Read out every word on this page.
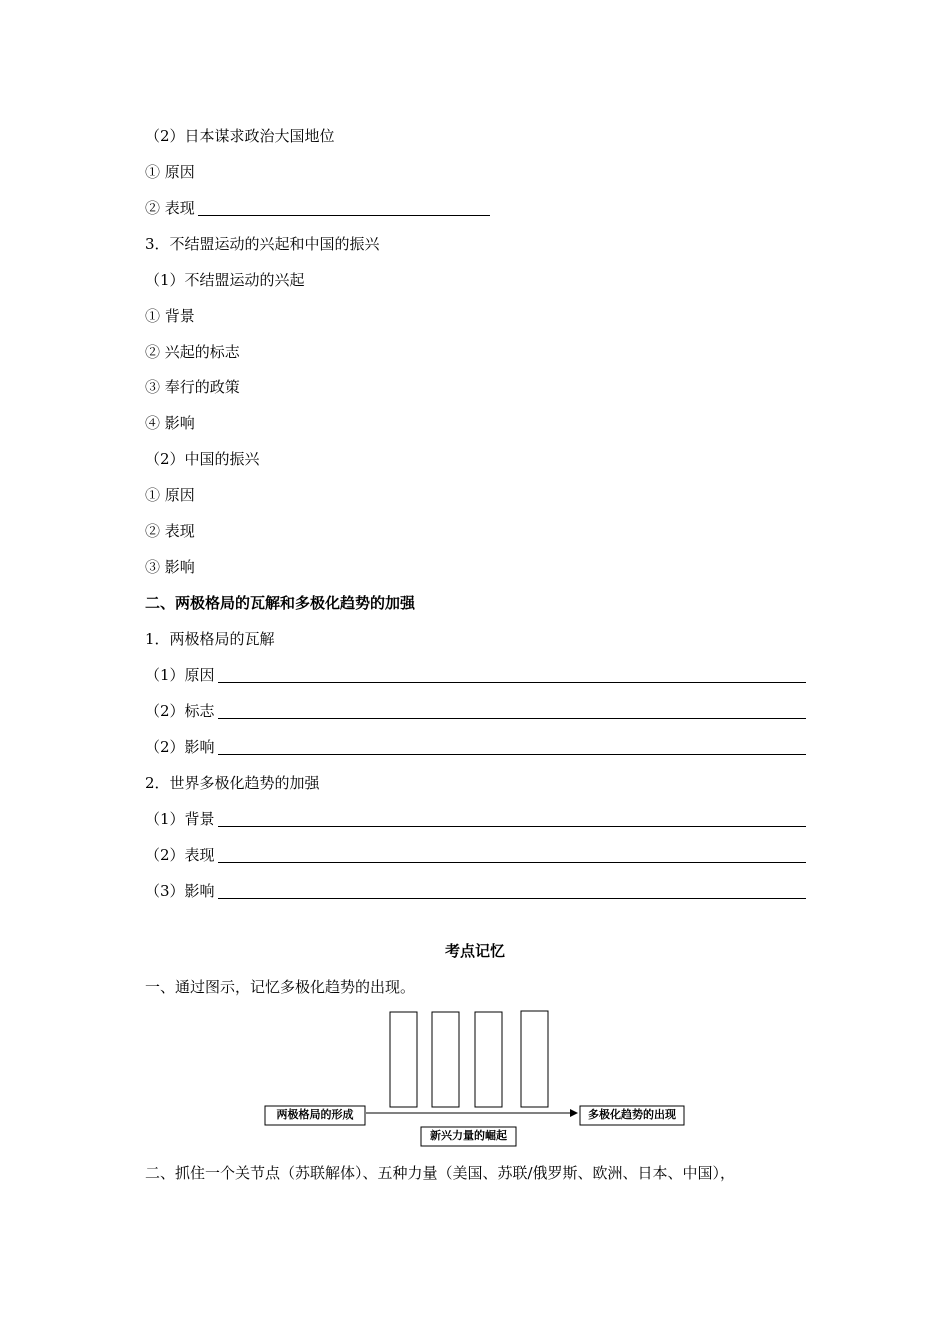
（2）日本谋求政治大国地位
① 原因
② 表现
3．不结盟运动的兴起和中国的振兴
（1）不结盟运动的兴起
① 背景
② 兴起的标志
③ 奉行的政策
④ 影响
（2）中国的振兴
① 原因
② 表现
③ 影响
二、两极格局的瓦解和多极化趋势的加强
1．两极格局的瓦解
（1）原因
（2）标志
（2）影响
2．世界多极化趋势的加强
（1）背景
（2）表现
（3）影响
考点记忆
一、通过图示，记忆多极化趋势的出现。
两极格局的形成
新兴力量的崛起
多极化趋势的出现
二、抓住一个关节点（苏联解体）、五种力量（美国、苏联/俄罗斯、欧洲、日本、中国），
